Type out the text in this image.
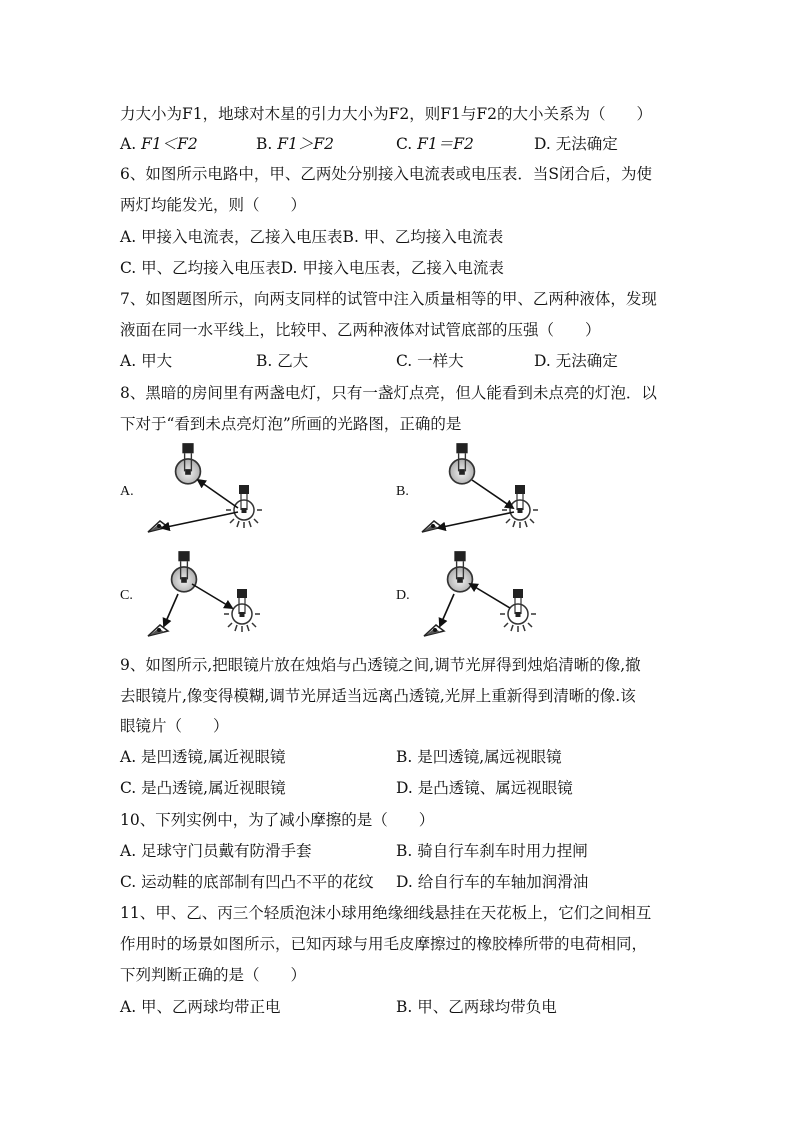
力大小为F1，地球对木星的引力大小为F2，则F1与F2的大小关系为（　　）
A. F1＜F2	B. F1＞F2	C. F1＝F2	D. 无法确定
6、如图所示电路中，甲、乙两处分别接入电流表或电压表．当S闭合后，为使
两灯均能发光，则（　　）
A. 甲接入电流表，乙接入电压表B. 甲、乙均接入电流表
C. 甲、乙均接入电压表D. 甲接入电压表，乙接入电流表
7、如图题图所示，向两支同样的试管中注入质量相等的甲、乙两种液体，发现
液面在同一水平线上，比较甲、乙两种液体对试管底部的压强（　　）
A. 甲大	B. 乙大	C. 一样大	D. 无法确定
8、黑暗的房间里有两盏电灯，只有一盏灯点亮，但人能看到未点亮的灯泡．以
下对于“看到未点亮灯泡”所画的光路图，正确的是
A.	B.
C.	D.
9、如图所示,把眼镜片放在烛焰与凸透镜之间,调节光屏得到烛焰清晰的像,撤
去眼镜片,像变得模糊,调节光屏适当远离凸透镜,光屏上重新得到清晰的像.该
眼镜片（　　）
A. 是凹透镜,属近视眼镜	B. 是凹透镜,属远视眼镜
C. 是凸透镜,属近视眼镜	D. 是凸透镜、属远视眼镜
10、下列实例中，为了减小摩擦的是（　　）
A. 足球守门员戴有防滑手套	B. 骑自行车刹车时用力捏闸
C. 运动鞋的底部制有凹凸不平的花纹 D. 给自行车的车轴加润滑油
11、甲、乙、丙三个轻质泡沫小球用绝缘细线悬挂在天花板上，它们之间相互
作用时的场景如图所示，已知丙球与用毛皮摩擦过的橡胶棒所带的电荷相同，
下列判断正确的是（　　）
A. 甲、乙两球均带正电	B. 甲、乙两球均带负电
